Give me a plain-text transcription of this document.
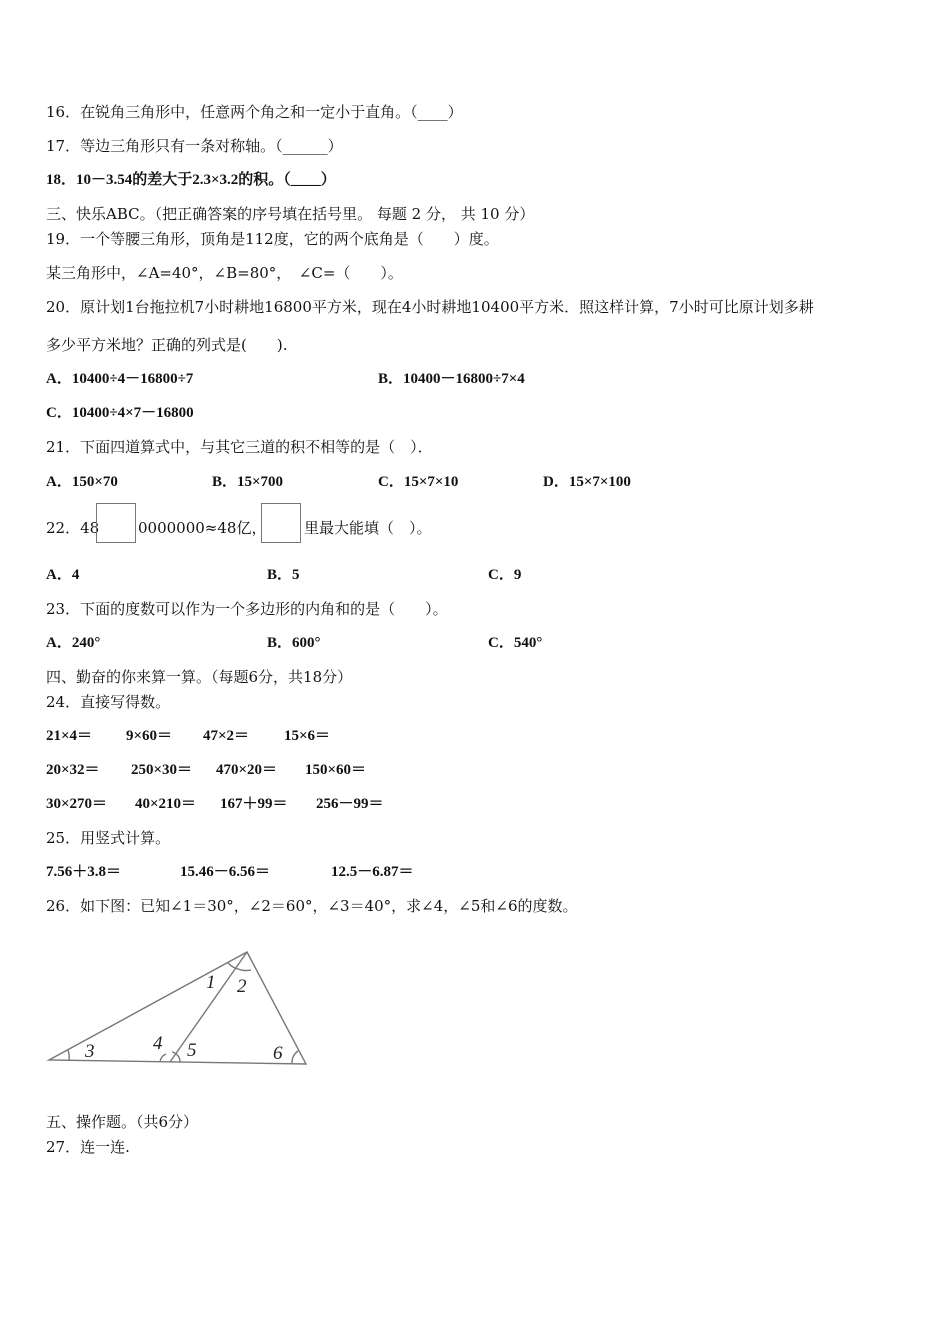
16．在锐角三角形中，任意两个角之和一定小于直角。（____）
17．等边三角形只有一条对称轴。（______）
18．10－3.54的差大于2.3×3.2的积。（____）
三、快乐ABC。（把正确答案的序号填在括号里。 每题 2 分， 共 10 分）
19．一个等腰三角形，顶角是112度，它的两个底角是（　　）度。
某三角形中，∠A=40°，∠B=80°，　∠C=（　　）。
20．原计划1台拖拉机7小时耕地16800平方米，现在4小时耕地10400平方米．照这样计算，7小时可比原计划多耕
多少平方米地？正确的列式是(　　).
A．10400÷4－16800÷7	B．10400－16800÷7×4
C．10400÷4×7－16800
21．下面四道算式中，与其它三道的积不相等的是（　）．
A．150×70	B．15×700	C．15×7×10	D．15×7×100
22．48	0000000≈48亿，	里最大能填（　）。
A．4	B．5	C．9
23．下面的度数可以作为一个多边形的内角和的是（　　）。
A．240°	B．600°	C．540°
四、勤奋的你来算一算。（每题6分，共18分）
24．直接写得数。
21×4＝ 9×60＝ 47×2＝ 15×6＝
20×32＝ 250×30＝ 470×20＝ 150×60＝
30×270＝ 40×210＝ 167＋99＝ 256－99＝
25．用竖式计算。
7.56＋3.8＝	15.46－6.56＝	12.5－6.87＝
26．如下图：已知∠1＝30°，∠2＝60°，∠3＝40°，求∠4，∠5和∠6的度数。
1 2
3	4 5	6
五、操作题。（共6分）
27．连一连.
